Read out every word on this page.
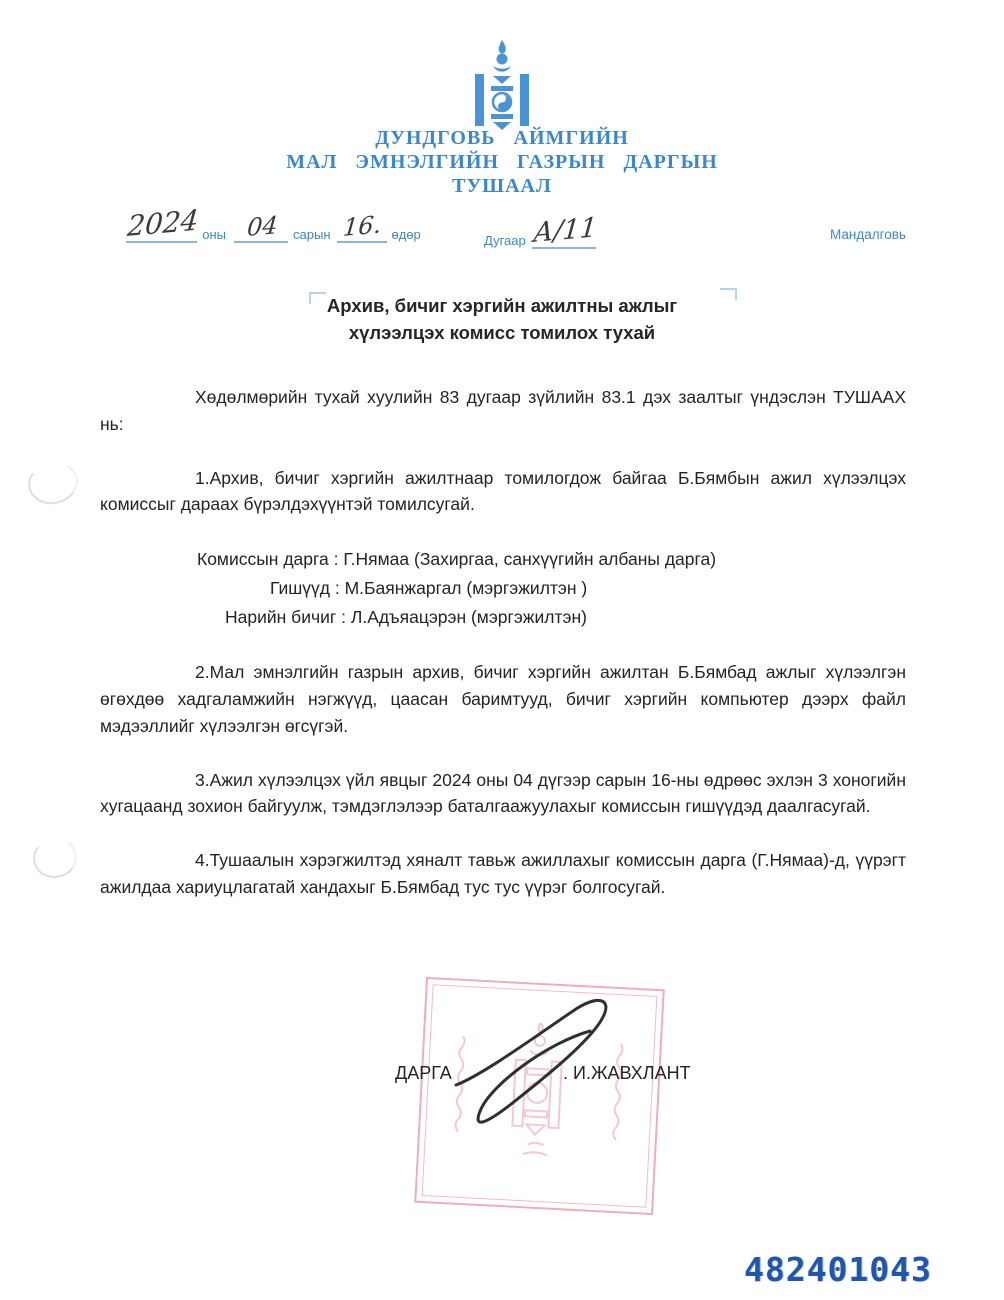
ДУНДГОВЬ АЙМГИЙН
МАЛ ЭМНЭЛГИЙН ГАЗРЫН ДАРГЫН
ТУШААЛ
2024 оны 04	сарын 16. өдөр	Дугаар А/11	Мандалговь
Архив, бичиг хэргийн ажилтны ажлыг
хүлээлцэх комисс томилох тухай

Хөдөлмөрийн тухай хуулийн 83 дугаар зүйлийн 83.1 дэх заалтыг үндэслэн ТУШААХ нь:

1.Архив, бичиг хэргийн ажилтнаар томилогдож байгаа Б.Бямбын ажил хүлээлцэх комиссыг дараах бүрэлдэхүүнтэй томилсугай.

Комиссын дарга : Г.Нямаа (Захиргаа, санхүүгийн албаны дарга)
Гишүүд : М.Баянжаргал (мэргэжилтэн )
Нарийн бичиг : Л.Адъяацэрэн (мэргэжилтэн)

2.Мал эмнэлгийн газрын архив, бичиг хэргийн ажилтан Б.Бямбад ажлыг хүлээлгэн өгөхдөө хадгаламжийн нэгжүүд, цаасан баримтууд, бичиг хэргийн компьютер дээрх файл мэдээллийг хүлээлгэн өгсүгэй.

3.Ажил хүлээлцэх үйл явцыг 2024 оны 04 дүгээр сарын 16-ны өдрөөс эхлэн 3 хоногийн хугацаанд зохион байгуулж, тэмдэглэлээр баталгаажуулахыг комиссын гишүүдэд даалгасугай.

4.Тушаалын хэрэгжилтэд хяналт тавьж ажиллахыг комиссын дарга (Г.Нямаа)-д, үүрэгт ажилдаа хариуцлагатай хандахыг Б.Бямбад тус тус үүрэг болгосугай.

ДАРГА	. И.ЖАВХЛАНТ
482401043
